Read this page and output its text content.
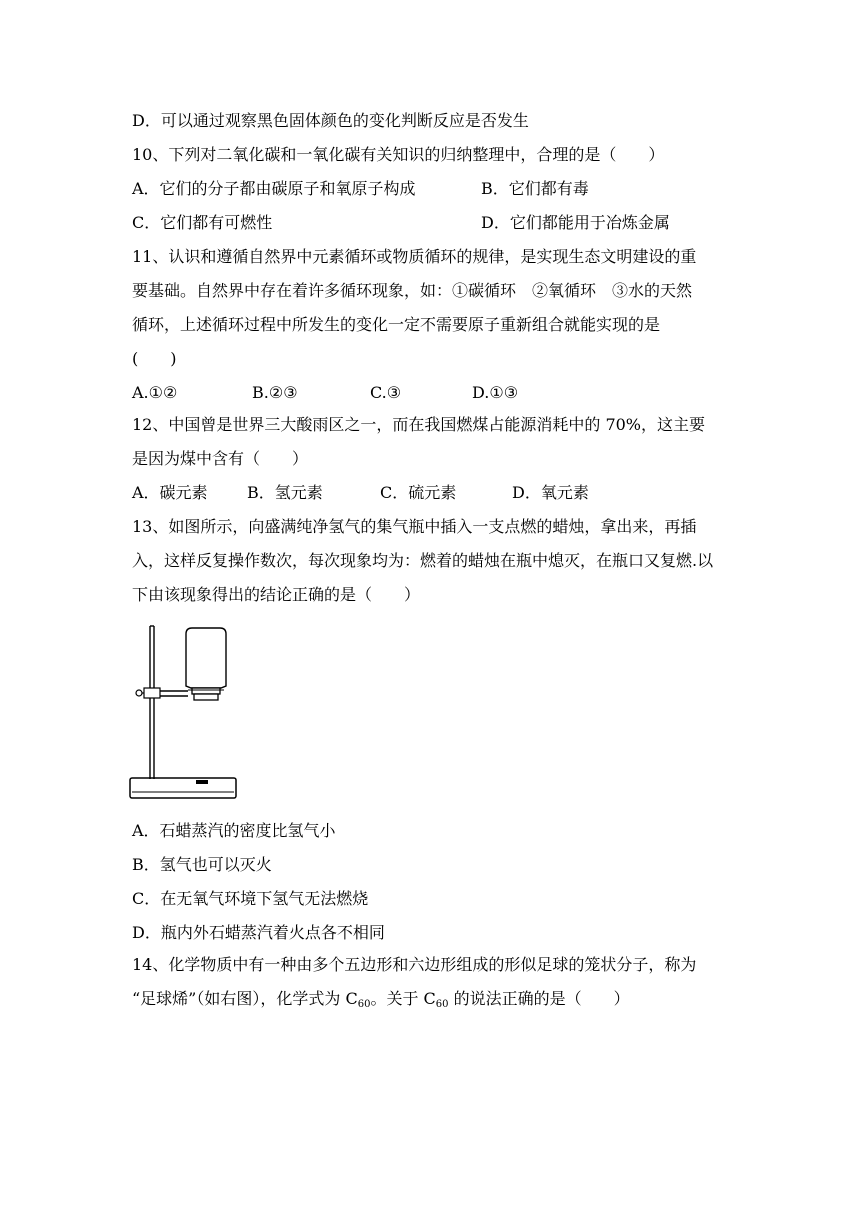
D．可以通过观察黑色固体颜色的变化判断反应是否发生
10、下列对二氧化碳和一氧化碳有关知识的归纳整理中，合理的是（　　）
A．它们的分子都由碳原子和氧原子构成	B．它们都有毒
C．它们都有可燃性	D．它们都能用于冶炼金属
11、认识和遵循自然界中元素循环或物质循环的规律，是实现生态文明建设的重
要基础。自然界中存在着许多循环现象，如：①碳循环　②氧循环　③水的天然
循环，上述循环过程中所发生的变化一定不需要原子重新组合就能实现的是
(　　)
A.①②	B.②③	C.③	D.①③
12、中国曾是世界三大酸雨区之一，而在我国燃煤占能源消耗中的 70%，这主要
是因为煤中含有（　　）
A．碳元素 B．氢元素	C．硫元素	D．氧元素
13、如图所示，向盛满纯净氢气的集气瓶中插入一支点燃的蜡烛，拿出来，再插
入，这样反复操作数次，每次现象均为：燃着的蜡烛在瓶中熄灭，在瓶口又复燃.以
下由该现象得出的结论正确的是（　　）
A．石蜡蒸汽的密度比氢气小
B．氢气也可以灭火
C．在无氧气环境下氢气无法燃烧
D．瓶内外石蜡蒸汽着火点各不相同
14、化学物质中有一种由多个五边形和六边形组成的形似足球的笼状分子，称为
“足球烯”（如右图），化学式为 $C_{60}$。关于 $C_{60}$ 的说法正确的是（　　）
